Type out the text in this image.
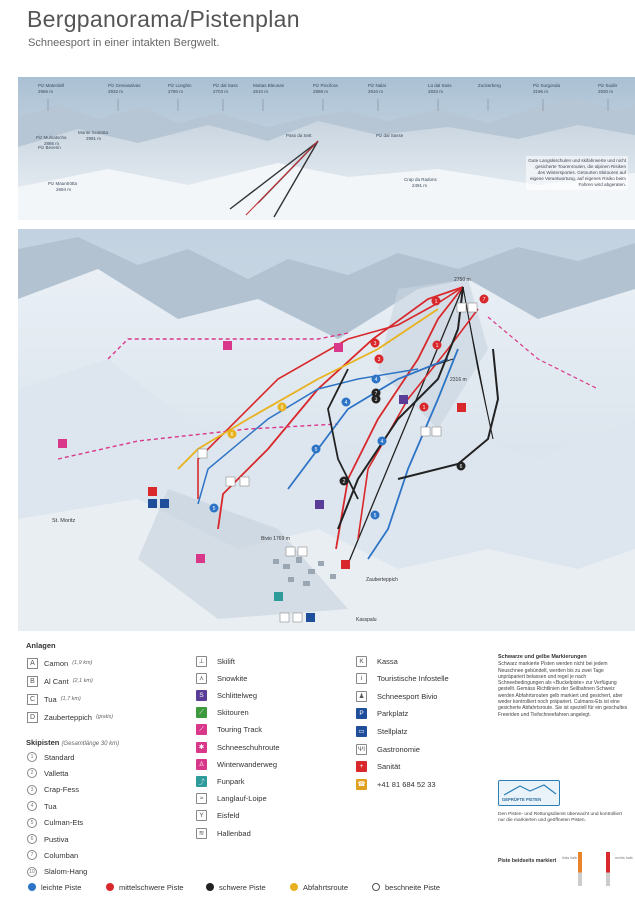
Bergpanorama/Pistenplan
Schneesport in einer intakten Bergwelt.
Piz Materdell
2966 m
Piz Grevasalvas
2932 m
Piz Lunghin
2780 m
Piz dal Sass
2703 m
Mottas Bleunas
2610 m
Piz Piscifora
2888 m
Piz Nalar
2910 m
Lü dal Sass
2833 m
Zuckerberg	Piz Surgonda
3196 m
Piz Sudèr
2930 m
Piz Mulnatscha
2886 m
Monte Scalotta
2991 m
Piz Beverin
Piz Mauntrötta
2694 m
Pass da Sett	Piz dal Sasse
Crap da Radons
2491 m
Gute Langskischulen und skifahrwerte und nicht gesicherte Tourenrouten, die alpinen Risiken des Wintersportes. Getourten Skitouren auf eigene Verantwortung, auf eigenes Risiko beim Fahren wird abgeraten.
1	7
3	1
1
3
4
4
5
4
5
5
6
6
3
7
2
6
2750 m
2316 m
Bivio 1769 m
St. Moritz
Zauberteppich
Kasspalu
Anlagen
A	Camon (1,9 km)
B	Al Cant (2,1 km)
C	Tua (1,7 km)
D	Zauberteppich (gratis)
Skipisten (Gesamtlänge 30 km)
1	Standard
2	Valletta
3	Crap-Fess
4	Tua
5	Culman-Ets
6	Pustiva
7	Columban
10 Slalom-Hang
⊥	Skilift
⋏	Snowkite
S	Schlittelweg
⟋	Skitouren
⟋	Touring Track
✱	Schneeschuhroute
♙	Winterwanderweg
⤴	Funpark
≈	Langlauf-Loipe
Y	Eisfeld
≋	Hallenbad
K	Kassa
i	Touristische Infostelle
♟	Schneesport Bivio
P	Parkplatz
▭	Stellplatz
ΨΙ Gastronomie
+	Sanität
☎ +41 81 684 52 33
leichte Piste	mittelschwere Piste	schwere Piste	Abfahrtsroute	beschneite Piste
Schwarze und gelbe Markierungen
Schwarz markierte Pisten werden nicht bei jedem Neuschnee gebündelt, werden bis zu zwei Tage unpräpariert belassen und regel je nach Schneebedingungen als «Buckelpiste» zur Verfügung gestellt. Gemäss Richtlinien der Seilbahnen Schweiz werden Abfahrtsrouten gelb markiert und gesichert, aber weder kontrolliert noch präpariert. Culmans-Ets ist eine gesicherte Abfahrtsroute. Sie ist speziell für ein geschultes Freeriden und Tiefschneefahren angelegt.
GEPRÜFTE PISTEN
Den Pisten- und Rettungsdienst überwacht und kontrolliert nur die markierten und geöffneten Pisten.
Piste beidseits markiert	links halb	rechts halb
